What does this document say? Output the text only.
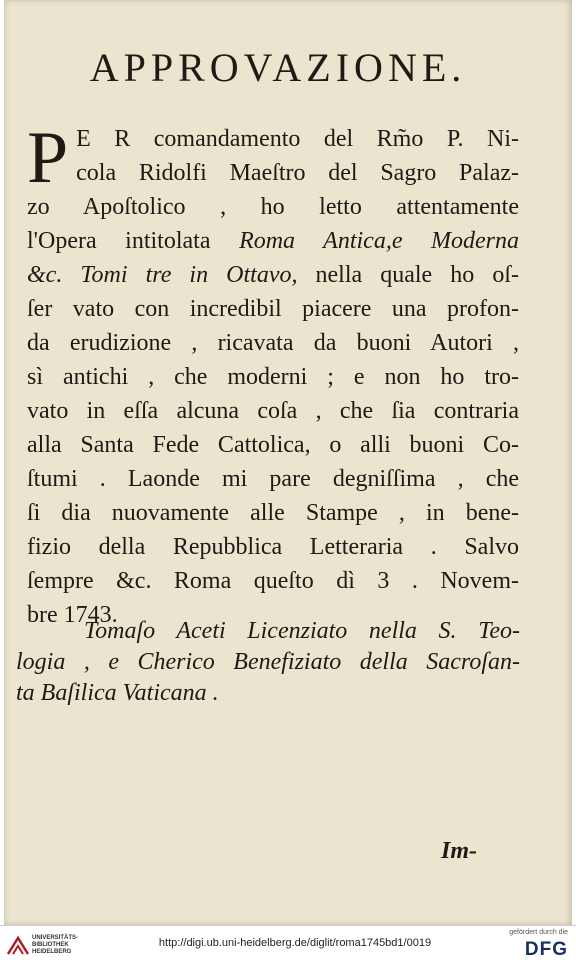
APPROVAZIONE.
P E R comandamento del Rm̃o P. Ni-
cola Ridolfi Maeſtro del Sagro Palaz-
zo Apoſtolico , ho letto attentamente
l'Opera intitolata Roma Antica,e Moderna
&c. Tomi tre in Ottavo, nella quale ho oſ-
ſer vato con incredibil piacere una profon-
da erudizione , ricavata da buoni Autori ,
sì antichi , che moderni ; e non ho tro-
vato in eſſa alcuna coſa , che ſia contraria
alla Santa Fede Cattolica, o alli buoni Co-
ſtumi . Laonde mi pare degniſſima , che
ſi dia nuovamente alle Stampe , in bene-
fizio della Repubblica Letteraria . Salvo
ſempre &c. Roma queſto dì 3 . Novem-
bre 1743.
Tomaſo Aceti Licenziato nella S. Teo-
logia , e Cherico Benefiziato della Sacroſan-
ta Baſilica Vaticana .
Im-
UNIVERSITÄTS-
BIBLIOTHEK
HEIDELBERG
http://digi.ub.uni-heidelberg.de/diglit/roma1745bd1/0019
gefördert durch die
DFG
